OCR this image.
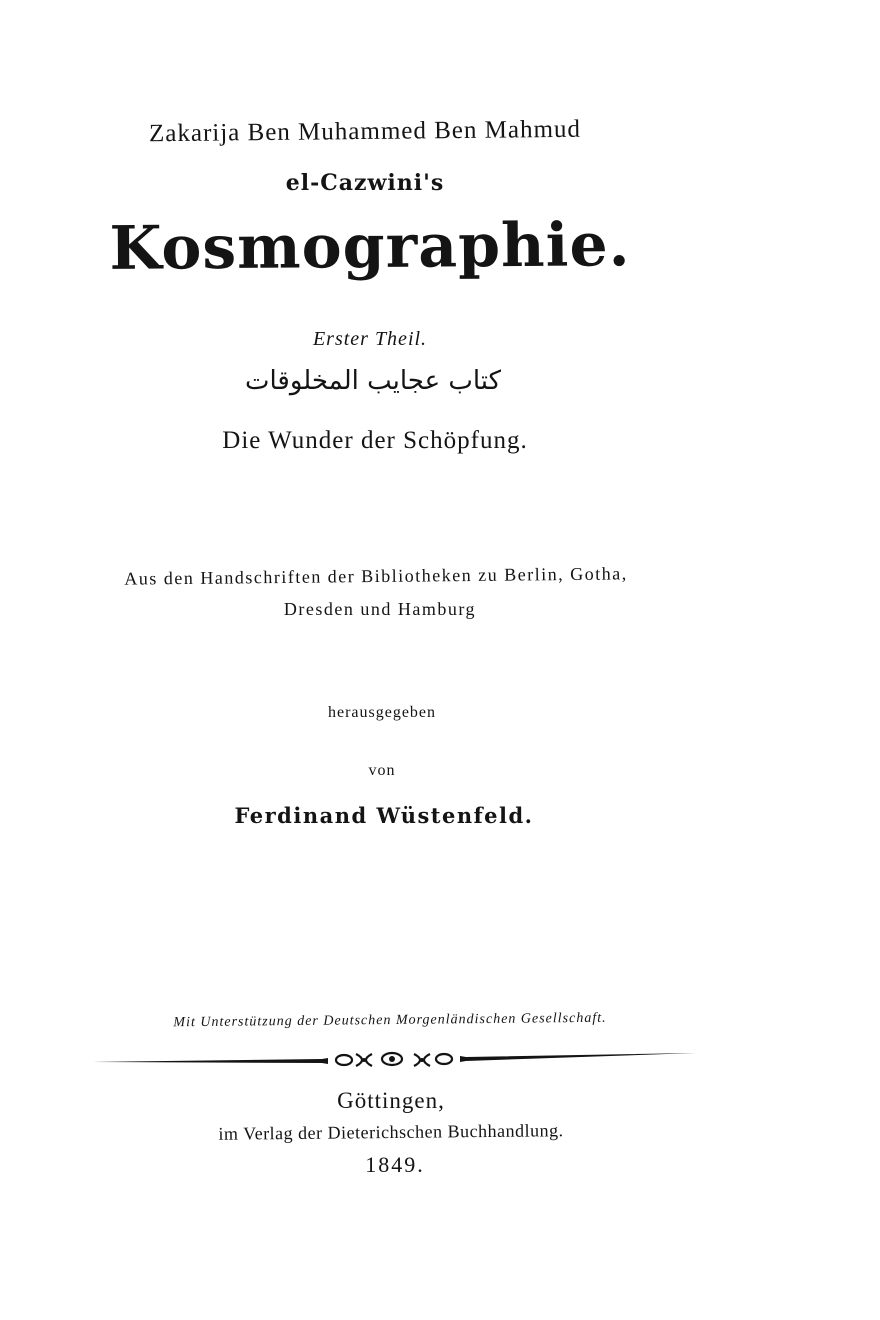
Zakarija Ben Muhammed Ben Mahmud
el-Cazwini's
Kosmographie.
Erster Theil.
كتاب عجايب المخلوقات
Die Wunder der Schöpfung.
Aus den Handschriften der Bibliotheken zu Berlin, Gotha,
Dresden und Hamburg
herausgegeben
von
Ferdinand Wüstenfeld.
Mit Unterstützung der Deutschen Morgenländischen Gesellschaft.
Göttingen,
im Verlag der Dieterichschen Buchhandlung.
1849.
